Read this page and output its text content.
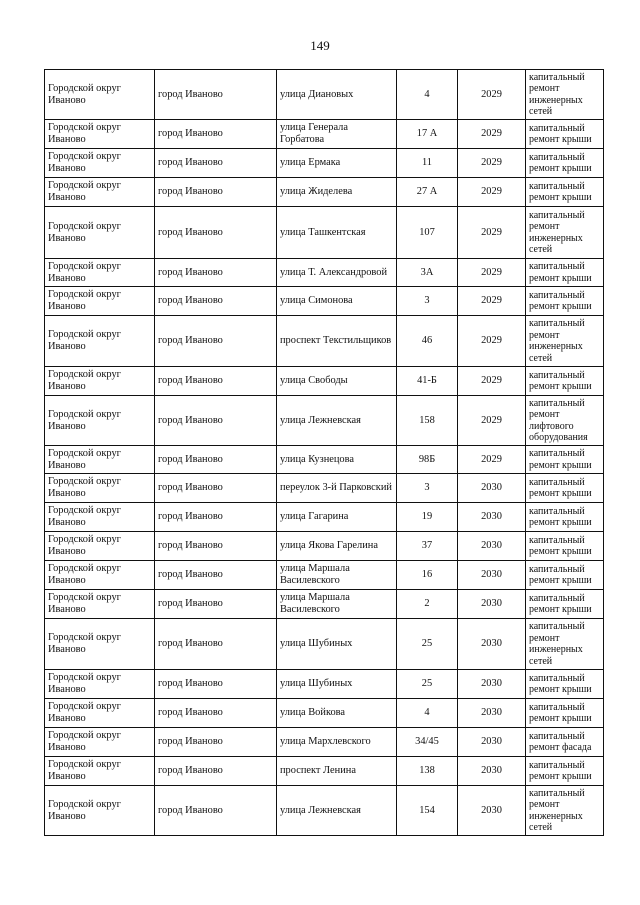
149
Городской округ Иваново	город Иваново	улица Диановых	4	2029	капитальный ремонт инженерных сетей
Городской округ Иваново	город Иваново	улица Генерала Горбатова	17 А	2029	капитальный ремонт крыши
Городской округ Иваново	город Иваново	улица Ермака	11	2029	капитальный ремонт крыши
Городской округ Иваново	город Иваново	улица Жиделева	27 А	2029	капитальный ремонт крыши
Городской округ Иваново	город Иваново	улица Ташкентская	107	2029	капитальный ремонт инженерных сетей
Городской округ Иваново	город Иваново	улица Т. Александровой	3А	2029	капитальный ремонт крыши
Городской округ Иваново	город Иваново	улица Симонова	3	2029	капитальный ремонт крыши
Городской округ Иваново	город Иваново	проспект Текстильщиков	46	2029	капитальный ремонт инженерных сетей
Городской округ Иваново	город Иваново	улица Свободы	41-Б	2029	капитальный ремонт крыши
Городской округ Иваново	город Иваново	улица Лежневская	158	2029	капитальный ремонт лифтового оборудования
Городской округ Иваново	город Иваново	улица Кузнецова	98Б	2029	капитальный ремонт крыши
Городской округ Иваново	город Иваново	переулок 3-й Парковский	3	2030	капитальный ремонт крыши
Городской округ Иваново	город Иваново	улица Гагарина	19	2030	капитальный ремонт крыши
Городской округ Иваново	город Иваново	улица Якова Гарелина	37	2030	капитальный ремонт крыши
Городской округ Иваново	город Иваново	улица Маршала Василевского	16	2030	капитальный ремонт крыши
Городской округ Иваново	город Иваново	улица Маршала Василевского	2	2030	капитальный ремонт крыши
Городской округ Иваново	город Иваново	улица Шубиных	25	2030	капитальный ремонт инженерных сетей
Городской округ Иваново	город Иваново	улица Шубиных	25	2030	капитальный ремонт крыши
Городской округ Иваново	город Иваново	улица Войкова	4	2030	капитальный ремонт крыши
Городской округ Иваново	город Иваново	улица Мархлевского	34/45	2030	капитальный ремонт фасада
Городской округ Иваново	город Иваново	проспект Ленина	138	2030	капитальный ремонт крыши
Городской округ Иваново	город Иваново	улица Лежневская	154	2030	капитальный ремонт инженерных сетей
